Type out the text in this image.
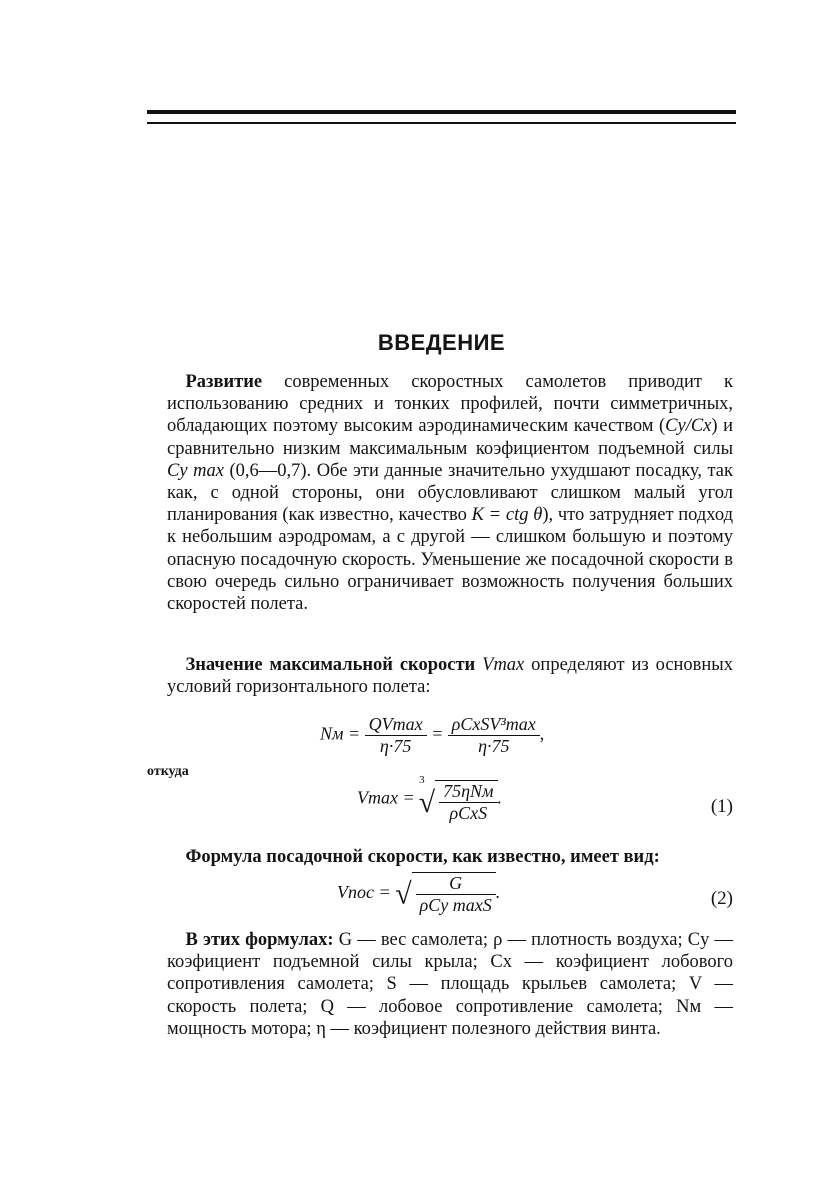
ВВЕДЕНИЕ

 Развитие современных скоростных самолетов приводит к использованию средних и тонких профилей, почти симметричных, обладающих поэтому высоким аэродинамическим качеством (Cy/Cx) и сравнительно низким максимальным коэфициентом подъемной силы Cy max (0,6—0,7). Обе эти данные значительно ухудшают посадку, так как, с одной стороны, они обусловливают слишком малый угол планирования (как известно, качество K = ctg θ), что затрудняет подход к небольшим аэродромам, а с другой — слишком большую и поэтому опасную посадочную скорость. Уменьшение же посадочной скорости в свою очередь сильно ограничивает возможность получения больших скоростей полета.

 Значение максимальной скорости Vmax определяют из основных условий горизонтального полета:

Nм = $\frac{QVmax}{\eta\cdot 75} = \frac{\text{ρCxSV³max}}{\eta\cdot 75}$ ,
откуда
$Vmax = ^3√ \frac{\text{75ηNм}}{\text{ρCxS}}$ .	(1)

 Формула посадочной скорости, как известно, имеет вид:

Vпос = √ $\frac{G}{\text{ρCy maxS}}$ .	(2)

 В этих формулах: G — вес самолета; ρ — плотность воздуха; Cy — коэфициент подъемной силы крыла; Cx — коэфициент лобового сопротивления самолета; S — площадь крыльев самолета; V — скорость полета; Q — лобовое сопротивление самолета; Nм — мощность мотора; η — коэфициент полезного действия винта.
